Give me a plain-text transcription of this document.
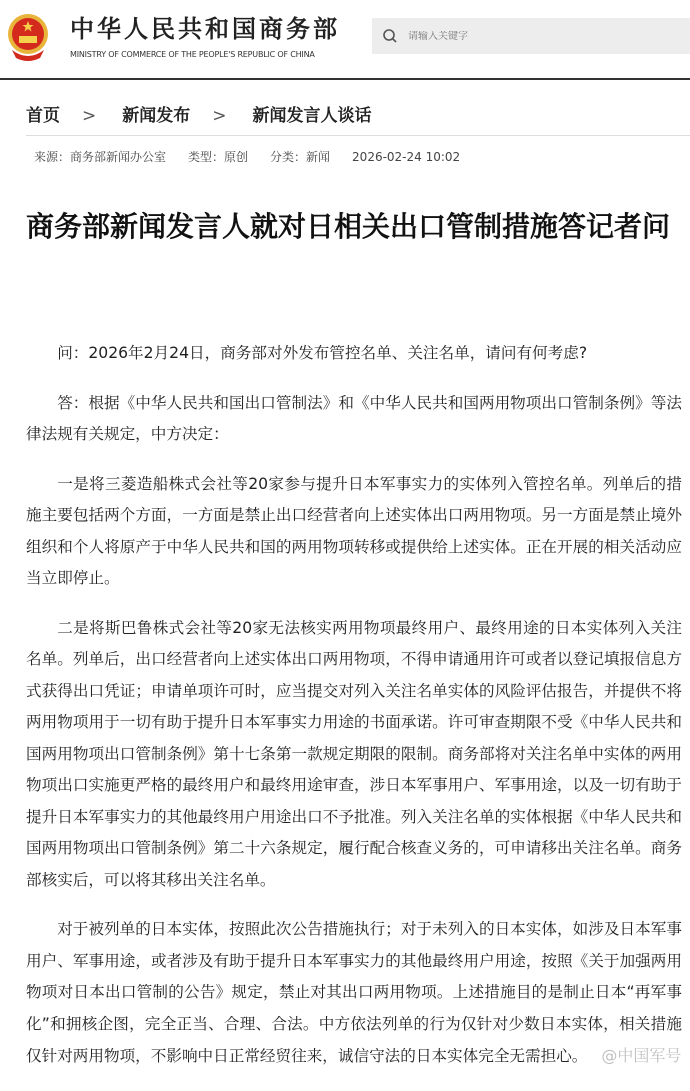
中华人民共和国商务部
MINISTRY OF COMMERCE OF THE PEOPLE'S REPUBLIC OF CHINA
请输入关键字
首页 > 新闻发布 > 新闻发言人谈话
来源：商务部新闻办公室 类型：原创 分类：新闻 2026-02-24 10:02
商务部新闻发言人就对日相关出口管制措施答记者问

问：2026年2月24日，商务部对外发布管控名单、关注名单，请问有何考虑?

答：根据《中华人民共和国出口管制法》和《中华人民共和国两用物项出口管制条例》等法律法规有关规定，中方决定：

一是将三菱造船株式会社等20家参与提升日本军事实力的实体列入管控名单。列单后的措施主要包括两个方面，一方面是禁止出口经营者向上述实体出口两用物项。另一方面是禁止境外组织和个人将原产于中华人民共和国的两用物项转移或提供给上述实体。正在开展的相关活动应当立即停止。

二是将斯巴鲁株式会社等20家无法核实两用物项最终用户、最终用途的日本实体列入关注名单。列单后，出口经营者向上述实体出口两用物项，不得申请通用许可或者以登记填报信息方式获得出口凭证；申请单项许可时，应当提交对列入关注名单实体的风险评估报告，并提供不将两用物项用于一切有助于提升日本军事实力用途的书面承诺。许可审查期限不受《中华人民共和国两用物项出口管制条例》第十七条第一款规定期限的限制。商务部将对关注名单中实体的两用物项出口实施更严格的最终用户和最终用途审查，涉日本军事用户、军事用途，以及一切有助于提升日本军事实力的其他最终用户用途出口不予批准。列入关注名单的实体根据《中华人民共和国两用物项出口管制条例》第二十六条规定，履行配合核查义务的，可申请移出关注名单。商务部核实后，可以将其移出关注名单。

对于被列单的日本实体，按照此次公告措施执行；对于未列入的日本实体，如涉及日本军事用户、军事用途，或者涉及有助于提升日本军事实力的其他最终用户用途，按照《关于加强两用物项对日本出口管制的公告》规定，禁止对其出口两用物项。上述措施目的是制止日本“再军事化”和拥核企图，完全正当、合理、合法。中方依法列单的行为仅针对少数日本实体，相关措施仅针对两用物项，不影响中日正常经贸往来，诚信守法的日本实体完全无需担心。 @中国军号
